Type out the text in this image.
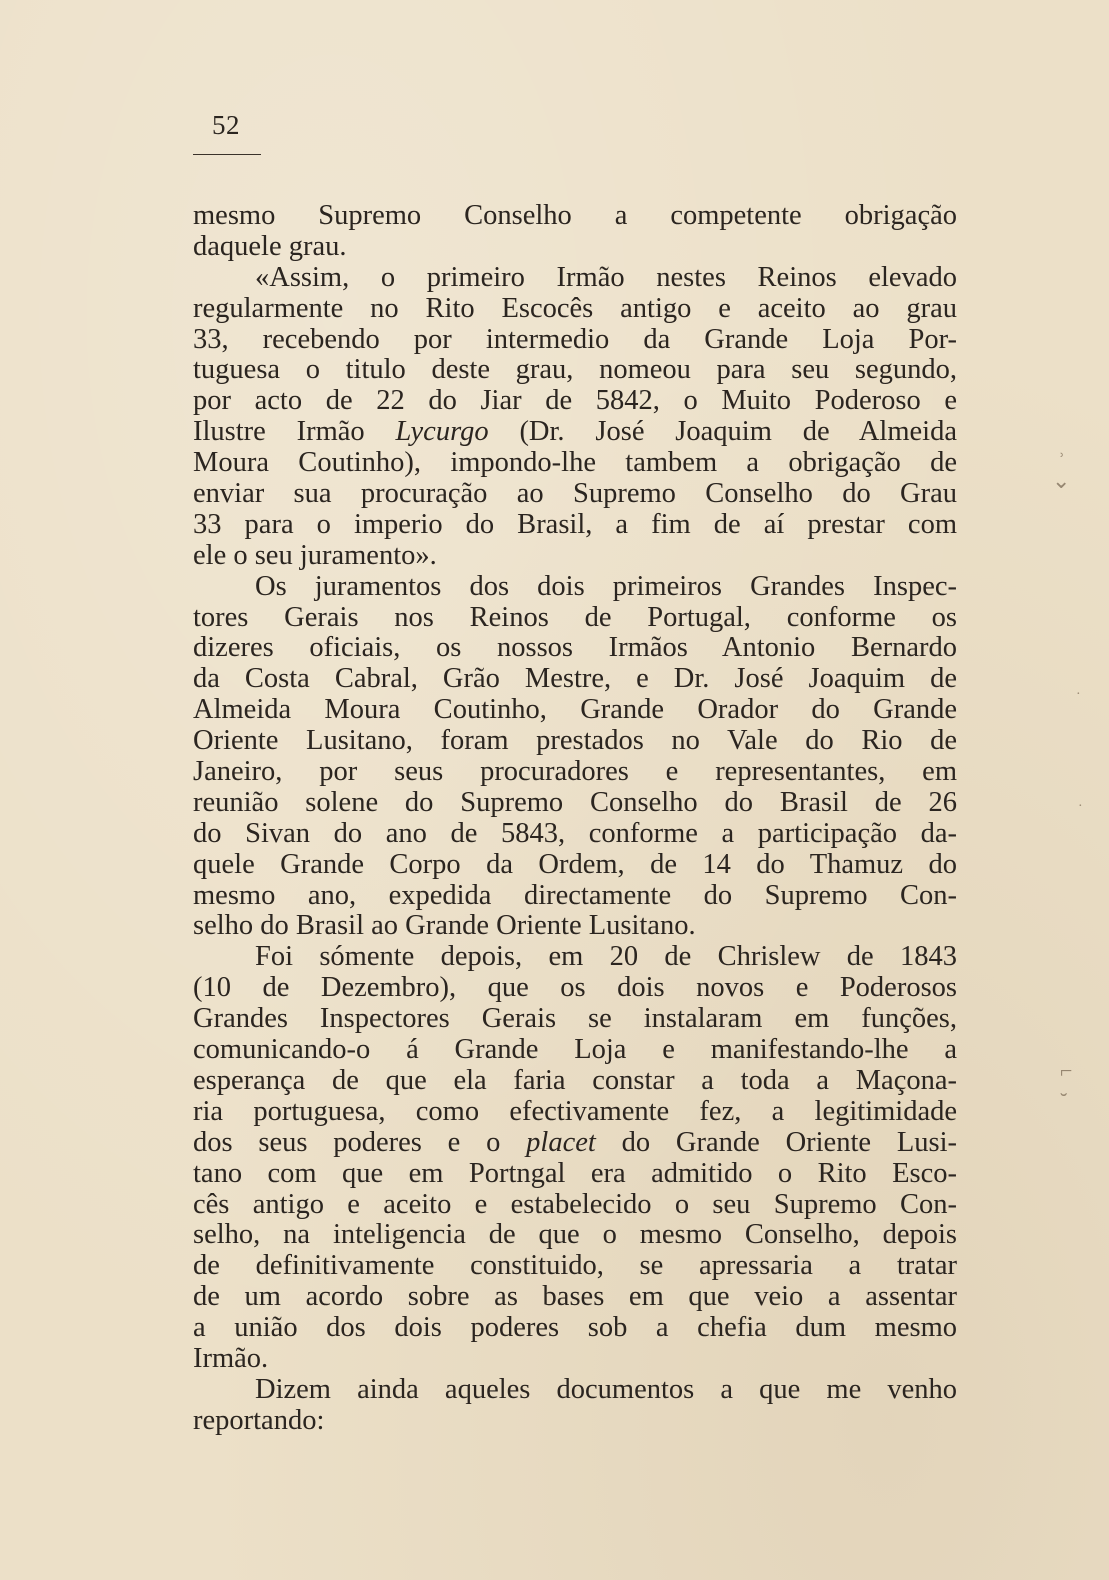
52
mesmo Supremo Conselho a competente obrigação
daquele grau.
«Assim, o primeiro Irmão nestes Reinos elevado
regularmente no Rito Escocês antigo e aceito ao grau
33, recebendo por intermedio da Grande Loja Por-
tuguesa o titulo deste grau, nomeou para seu segundo,
por acto de 22 do Jiar de 5842, o Muito Poderoso e
Ilustre Irmão Lycurgo (Dr. José Joaquim de Almeida
Moura Coutinho), impondo-lhe tambem a obrigação de
enviar sua procuração ao Supremo Conselho do Grau
33 para o imperio do Brasil, a fim de aí prestar com
ele o seu juramento».
Os juramentos dos dois primeiros Grandes Inspec-
tores Gerais nos Reinos de Portugal, conforme os
dizeres oficiais, os nossos Irmãos Antonio Bernardo
da Costa Cabral, Grão Mestre, e Dr. José Joaquim de
Almeida Moura Coutinho, Grande Orador do Grande
Oriente Lusitano, foram prestados no Vale do Rio de
Janeiro, por seus procuradores e representantes, em
reunião solene do Supremo Conselho do Brasil de 26
do Sivan do ano de 5843, conforme a participação da-
quele Grande Corpo da Ordem, de 14 do Thamuz do
mesmo ano, expedida directamente do Supremo Con-
selho do Brasil ao Grande Oriente Lusitano.
Foi sómente depois, em 20 de Chrislew de 1843
(10 de Dezembro), que os dois novos e Poderosos
Grandes Inspectores Gerais se instalaram em funções,
comunicando-o á Grande Loja e manifestando-lhe a
esperança de que ela faria constar a toda a Maçona-
ria portuguesa, como efectivamente fez, a legitimidade
dos seus poderes e o placet do Grande Oriente Lusi-
tano com que em Portngal era admitido o Rito Esco-
cês antigo e aceito e estabelecido o seu Supremo Con-
selho, na inteligencia de que o mesmo Conselho, depois
de definitivamente constituido, se apressaria a tratar
de um acordo sobre as bases em que veio a assentar
a união dos dois poderes sob a chefia dum mesmo
Irmão.
Dizem ainda aqueles documentos a que me venho
reportando:
˒
⌄
·
·
⌐
˘
